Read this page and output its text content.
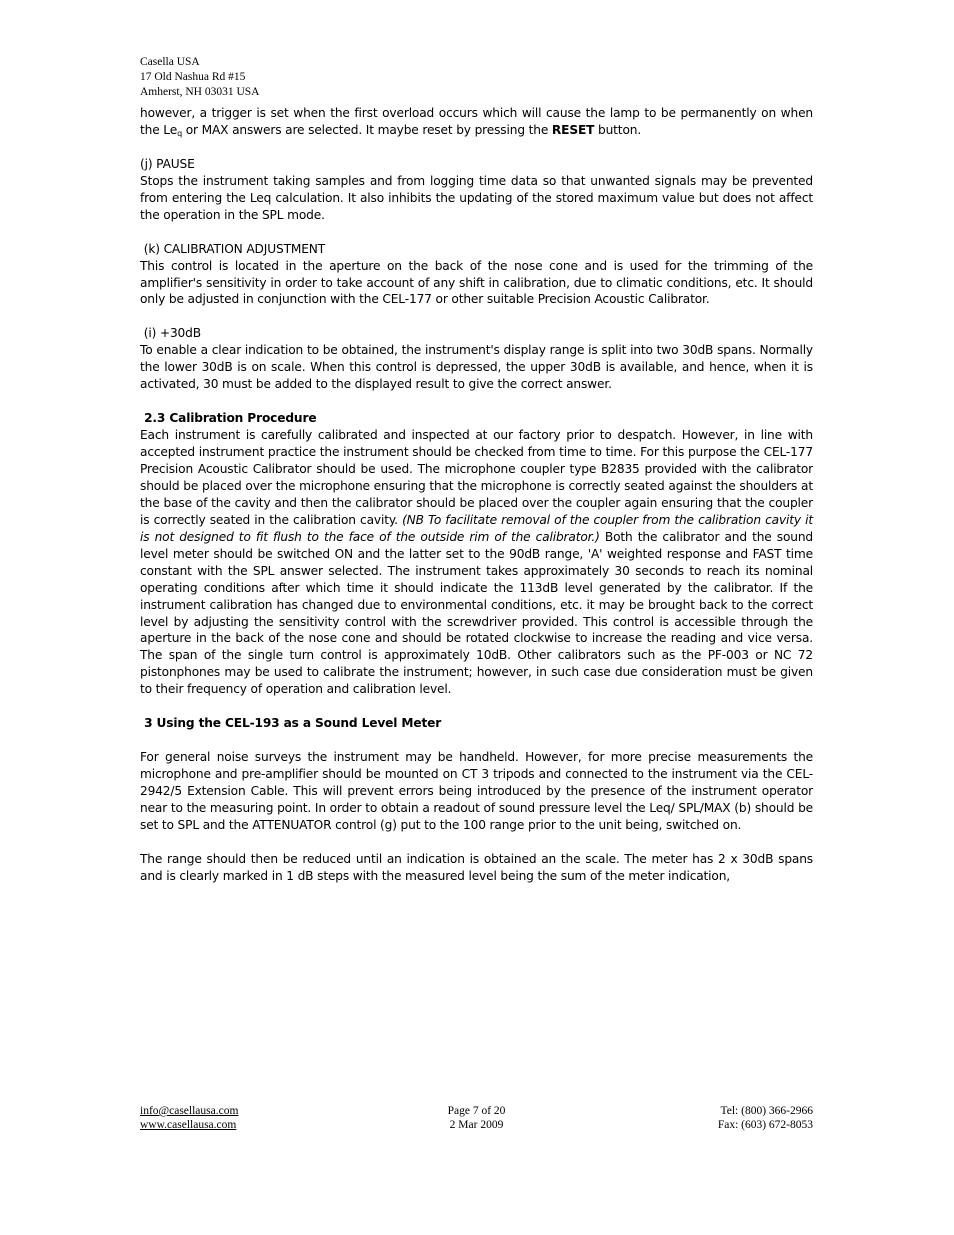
Casella USA
17 Old Nashua Rd #15
Amherst, NH 03031 USA

however, a trigger is set when the first overload occurs which will cause the lamp to be permanently on when the $Le_q$ or MAX answers are selected. It maybe reset by pressing the RESET button.

(j) PAUSE

Stops the instrument taking samples and from logging time data so that unwanted signals may be prevented from entering the Leq calculation. It also inhibits the updating of the stored maximum value but does not affect the operation in the SPL mode.

(k) CALIBRATION ADJUSTMENT

This control is located in the aperture on the back of the nose cone and is used for the trimming of the amplifier's sensitivity in order to take account of any shift in calibration, due to climatic conditions, etc. It should only be adjusted in conjunction with the CEL-177 or other suitable Precision Acoustic Calibrator.

(i) +30dB

To enable a clear indication to be obtained, the instrument's display range is split into two 30dB spans. Normally the lower 30dB is on scale. When this control is depressed, the upper 30dB is available, and hence, when it is activated, 30 must be added to the displayed result to give the correct answer.

2.3 Calibration Procedure

Each instrument is carefully calibrated and inspected at our factory prior to despatch. However, in line with accepted instrument practice the instrument should be checked from time to time. For this purpose the CEL-177 Precision Acoustic Calibrator should be used. The microphone coupler type B2835 provided with the calibrator should be placed over the microphone ensuring that the microphone is correctly seated against the shoulders at the base of the cavity and then the calibrator should be placed over the coupler again ensuring that the coupler is correctly seated in the calibration cavity. (NB To facilitate removal of the coupler from the calibration cavity it is not designed to fit flush to the face of the outside rim of the calibrator.) Both the calibrator and the sound level meter should be switched ON and the latter set to the 90dB range, 'A' weighted response and FAST time constant with the SPL answer selected. The instrument takes approximately 30 seconds to reach its nominal operating conditions after which time it should indicate the 113dB level generated by the calibrator. If the instrument calibration has changed due to environmental conditions, etc. it may be brought back to the correct level by adjusting the sensitivity control with the screwdriver provided. This control is accessible through the aperture in the back of the nose cone and should be rotated clockwise to increase the reading and vice versa. The span of the single turn control is approximately 10dB. Other calibrators such as the PF-003 or NC 72 pistonphones may be used to calibrate the instrument; however, in such case due consideration must be given to their frequency of operation and calibration level.

3 Using the CEL-193 as a Sound Level Meter

For general noise surveys the instrument may be handheld. However, for more precise measurements the microphone and pre-amplifier should be mounted on CT 3 tripods and connected to the instrument via the CEL-2942/5 Extension Cable. This will prevent errors being introduced by the presence of the instrument operator near to the measuring point. In order to obtain a readout of sound pressure level the Leq/ SPL/MAX (b) should be set to SPL and the ATTENUATOR control (g) put to the 100 range prior to the unit being, switched on.

The range should then be reduced until an indication is obtained an the scale. The meter has 2 x 30dB spans and is clearly marked in 1 dB steps with the measured level being the sum of the meter indication,

info@casellausa.com
www.casellausa.com
Page 7 of 20
2 Mar 2009
Tel: (800) 366-2966
Fax: (603) 672-8053
